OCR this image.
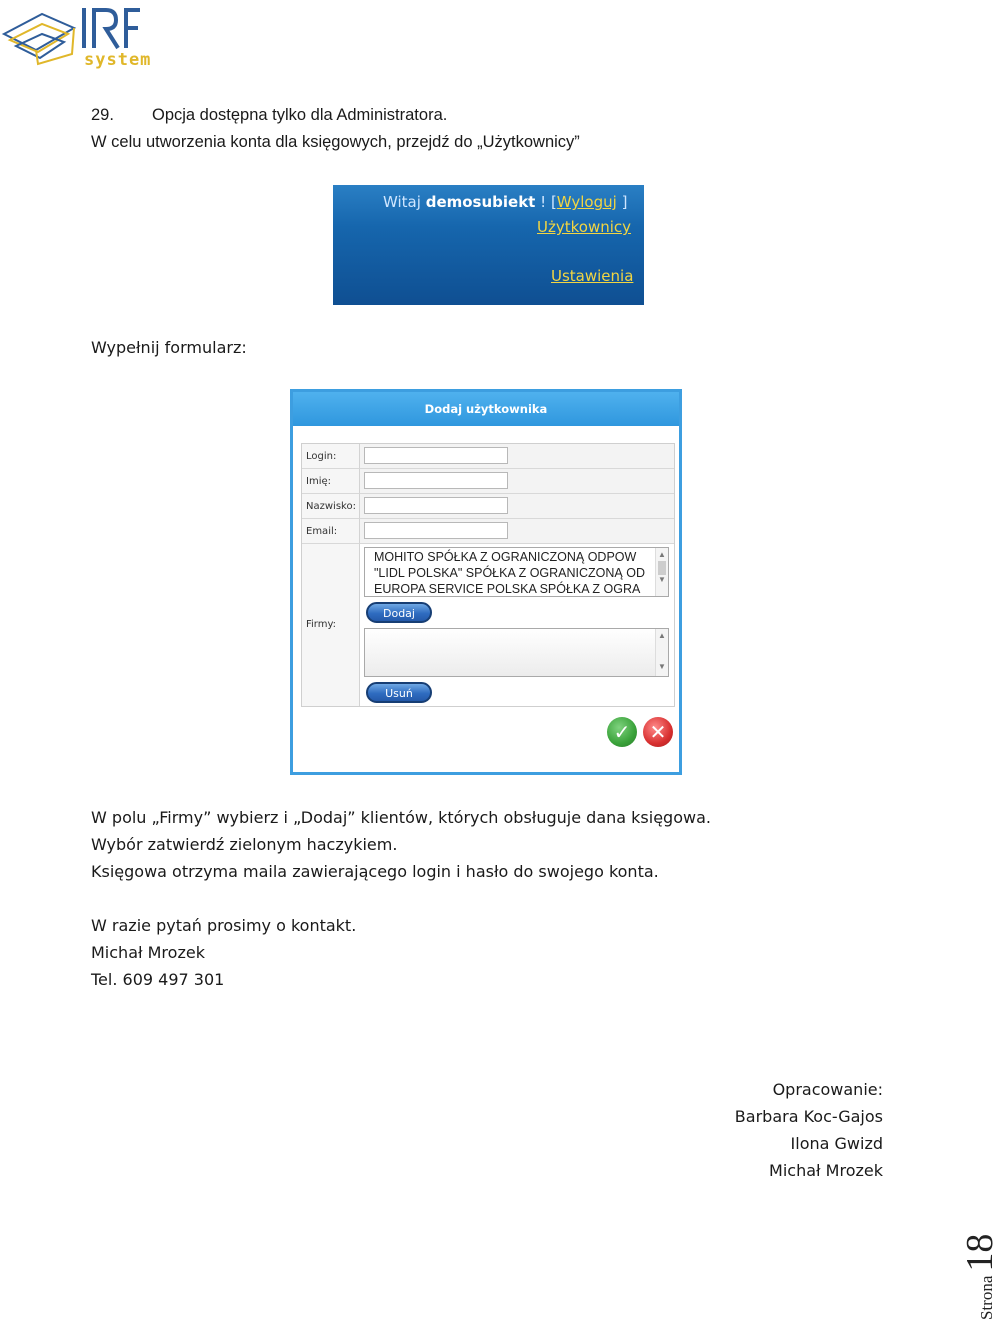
system
29. Opcja dostępna tylko dla Administratora.
W celu utworzenia konta dla księgowych, przejdź do „Użytkownicy”
Witaj demosubiekt ! [Wyloguj ]
Użytkownicy
Ustawienia
Wypełnij formularz:
Dodaj użytkownika
Login:
Imię:
Nazwisko:
Email:
Firmy:
MOHITO SPÓŁKA Z OGRANICZONĄ ODPOW
"LIDL POLSKA" SPÓŁKA Z OGRANICZONĄ OD
EUROPA SERVICE POLSKA SPÓŁKA Z OGRA
▲
▼
Dodaj
▲
▼
Usuń
✓ ✕
W polu „Firmy” wybierz i „Dodaj” klientów, których obsługuje dana księgowa.
Wybór zatwierdź zielonym haczykiem.
Księgowa otrzyma maila zawierającego login i hasło do swojego konta.
W razie pytań prosimy o kontakt.
Michał Mrozek
Tel. 609 497 301
Opracowanie:
Barbara Koc-Gajos
Ilona Gwizd
Michał Mrozek
Strona 18
